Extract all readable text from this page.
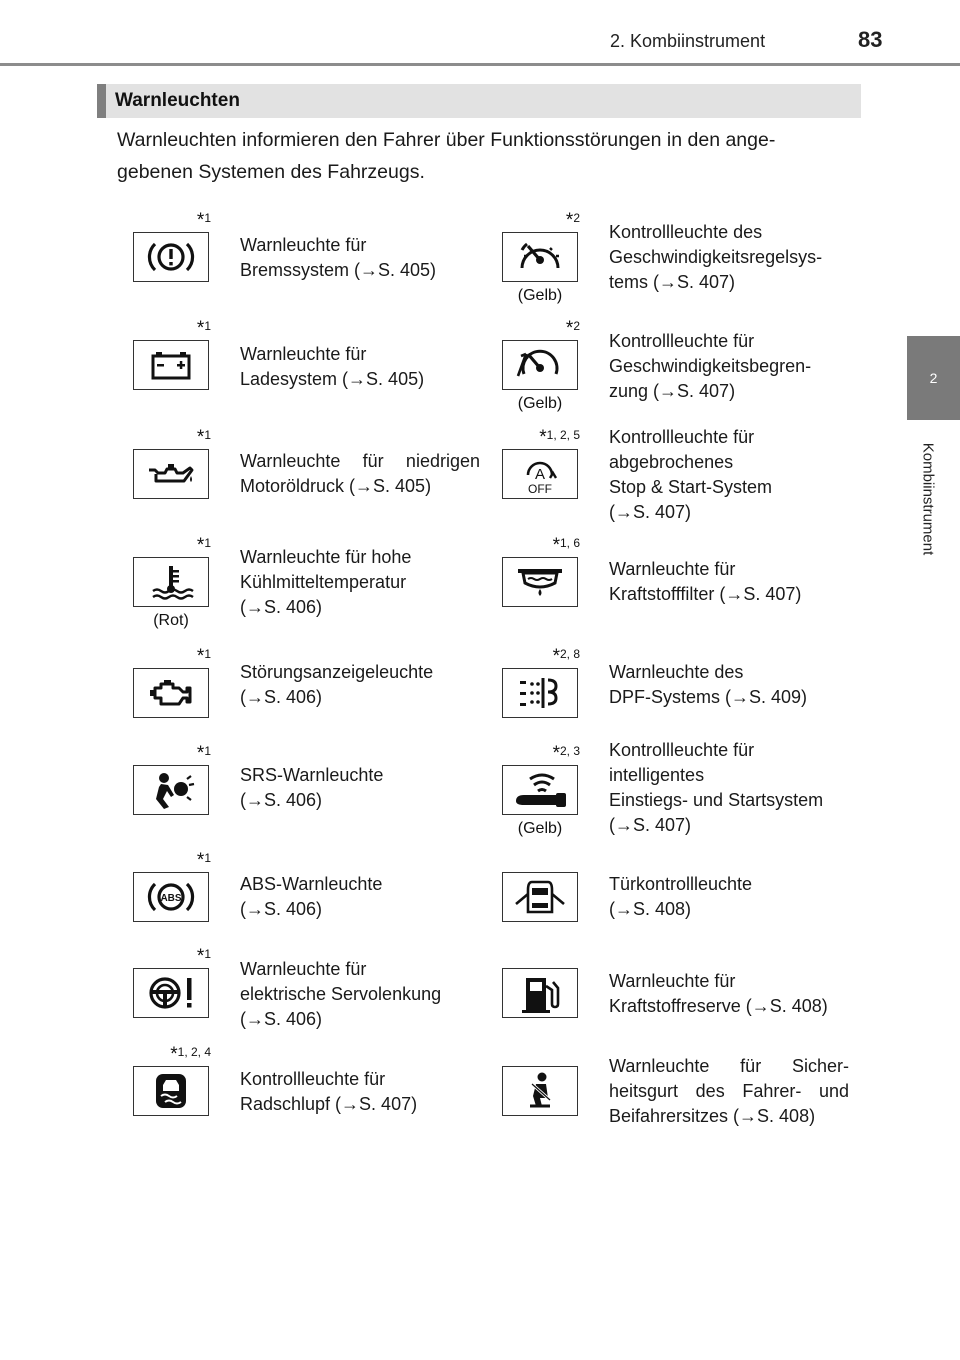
2. Kombiinstrument	83
2
Kombiinstrument
Warnleuchten
Warnleuchten informieren den Fahrer über Funktionsstörungen in den ange-
gebenen Systemen des Fahrzeugs.
*1
Warnleuchte für
Bremssystem (→S. 405)
*1
Warnleuchte für
Ladesystem (→S. 405)
*1
Warnleuchte für niedrigen
Motoröldruck (→S. 405)
*1
(Rot)
Warnleuchte für hohe
Kühlmitteltemperatur
(→S. 406)
*1
Störungsanzeigeleuchte
(→S. 406)
*1
SRS-Warnleuchte
(→S. 406)
ABS
*1
ABS-Warnleuchte
(→S. 406)
*1
Warnleuchte für
elektrische Servolenkung
(→S. 406)
*1, 2, 4
Kontrollleuchte für
Radschlupf (→S. 407)
*2
(Gelb)
Kontrollleuchte des
Geschwindigkeitsregelsys-
tems (→S. 407)
*2
(Gelb)
Kontrollleuchte für
Geschwindigkeitsbegren-
zung (→S. 407)
A
OFF
*1, 2, 5 Kontrollleuchte für
abgebrochenes
Stop & Start-System
(→S. 407)
*1, 6
Warnleuchte für
Kraftstofffilter (→S. 407)
*2, 8
Warnleuchte des
DPF-Systems (→S. 409)
*2, 3
(Gelb)
Kontrollleuchte für
intelligentes
Einstiegs- und Startsystem
(→S. 407)
Türkontrollleuchte
(→S. 408)
Warnleuchte für
Kraftstoffreserve (→S. 408)
Warnleuchte für Sicher-
heitsgurt des Fahrer- und
Beifahrersitzes (→S. 408)
